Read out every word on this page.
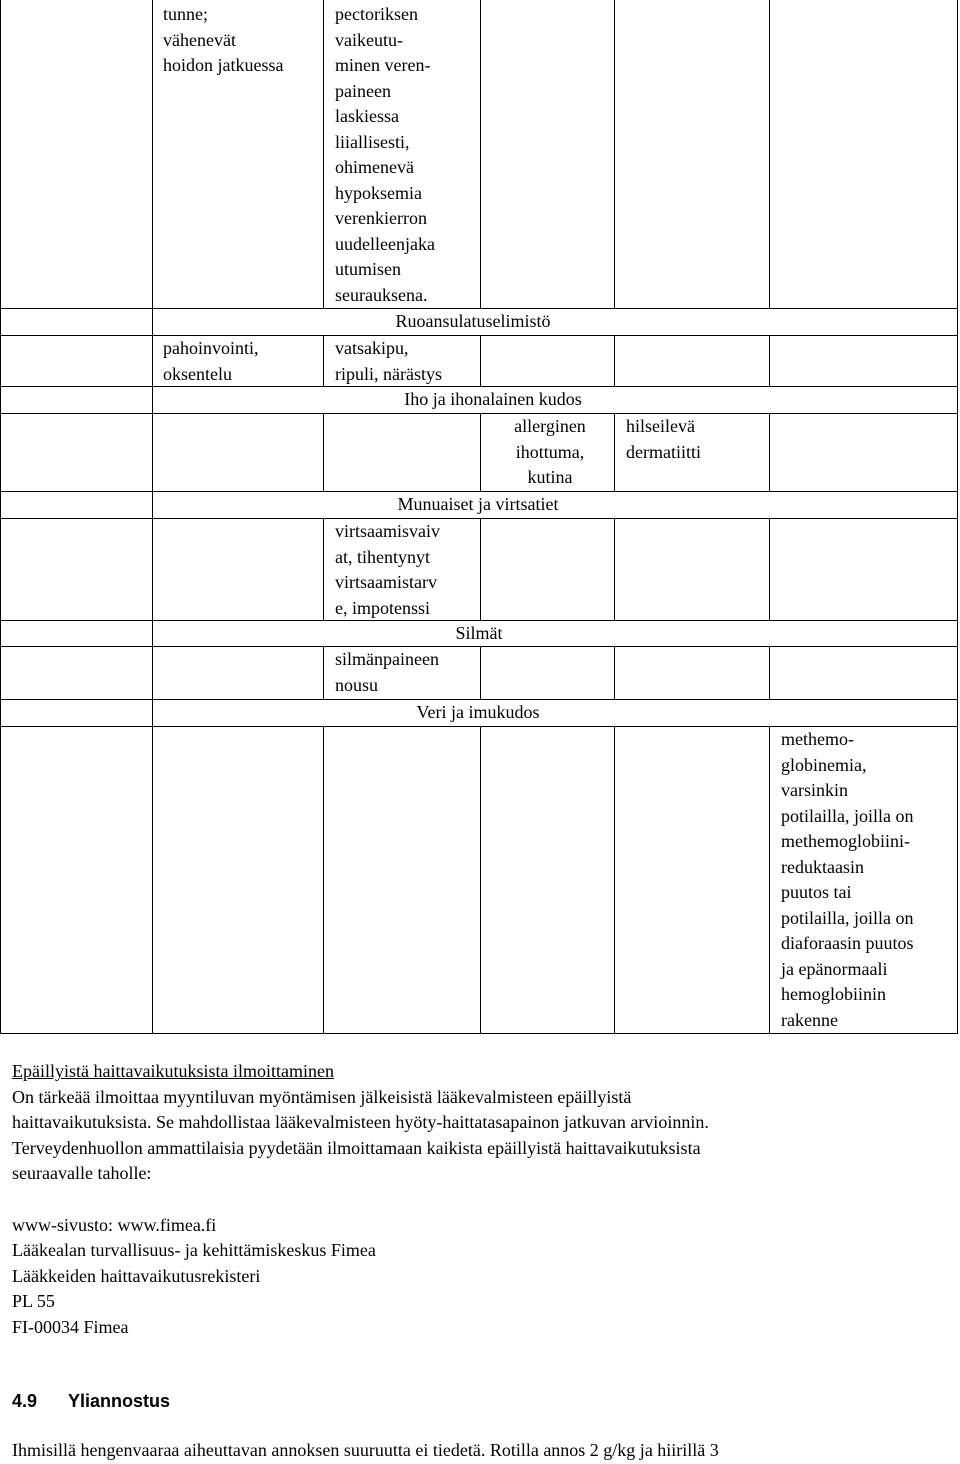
tunne;
vähenevät
hoidon jatkuessa
pectoriksen
vaikeutu-
minen veren-
paineen
laskiessa
liiallisesti,
ohimenevä
hypoksemia
verenkierron
uudelleenjaka
utumisen
seurauksena.
Ruoansulatuselimistö
pahoinvointi,
oksentelu
vatsakipu,
ripuli, närästys
Iho ja ihonalainen kudos
allerginen
ihottuma,
kutina
hilseilevä
dermatiitti
Munuaiset ja virtsatiet
virtsaamisvaiv
at, tihentynyt
virtsaamistarv
e, impotenssi
Silmät
silmänpaineen
nousu
Veri ja imukudos
methemo-
globinemia,
varsinkin
potilailla, joilla on
methemoglobiini-
reduktaasin
puutos tai
potilailla, joilla on
diaforaasin puutos
ja epänormaali
hemoglobiinin
rakenne
Epäillyistä haittavaikutuksista ilmoittaminen
On tärkeää ilmoittaa myyntiluvan myöntämisen jälkeisistä lääkevalmisteen epäillyistä
haittavaikutuksista. Se mahdollistaa lääkevalmisteen hyöty-haittatasapainon jatkuvan arvioinnin.
Terveydenhuollon ammattilaisia pyydetään ilmoittamaan kaikista epäillyistä haittavaikutuksista
seuraavalle taholle:
www-sivusto: www.fimea.fi
Lääkealan turvallisuus- ja kehittämiskeskus Fimea
Lääkkeiden haittavaikutusrekisteri
PL 55
FI-00034 Fimea
4.9 Yliannostus
Ihmisillä hengenvaaraa aiheuttavan annoksen suuruutta ei tiedetä. Rotilla annos 2 g/kg ja hiirillä 3
